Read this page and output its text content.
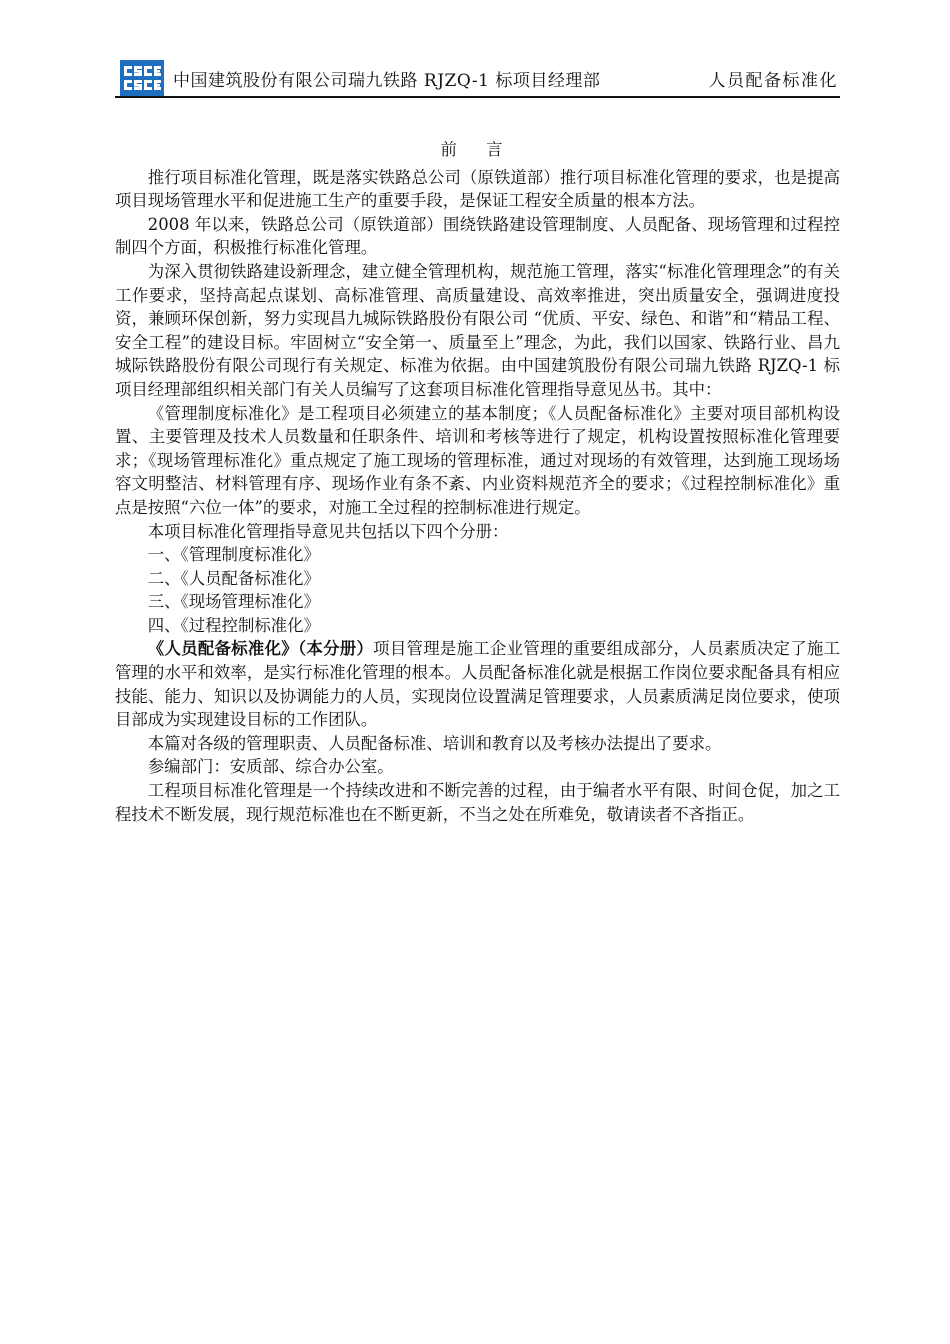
中国建筑股份有限公司瑞九铁路 RJZQ-1 标项目经理部	人员配备标准化
前 言

推行项目标准化管理，既是落实铁路总公司（原铁道部）推行项目标准化管理的要求，也是提高项目现场管理水平和促进施工生产的重要手段，是保证工程安全质量的根本方法。

2008 年以来，铁路总公司（原铁道部）围绕铁路建设管理制度、人员配备、现场管理和过程控制四个方面，积极推行标准化管理。

为深入贯彻铁路建设新理念，建立健全管理机构，规范施工管理，落实“标准化管理理念”的有关工作要求，坚持高起点谋划、高标准管理、高质量建设、高效率推进，突出质量安全，强调进度投资，兼顾环保创新，努力实现昌九城际铁路股份有限公司 “优质、平安、绿色、和谐”和“精品工程、安全工程”的建设目标。牢固树立“安全第一、质量至上”理念，为此，我们以国家、铁路行业、昌九城际铁路股份有限公司现行有关规定、标准为依据。由中国建筑股份有限公司瑞九铁路 RJZQ-1 标项目经理部组织相关部门有关人员编写了这套项目标准化管理指导意见丛书。其中：

《管理制度标准化》是工程项目必须建立的基本制度；《人员配备标准化》主要对项目部机构设置、主要管理及技术人员数量和任职条件、培训和考核等进行了规定，机构设置按照标准化管理要求；《现场管理标准化》重点规定了施工现场的管理标准，通过对现场的有效管理，达到施工现场场容文明整洁、材料管理有序、现场作业有条不紊、内业资料规范齐全的要求；《过程控制标准化》重点是按照“六位一体”的要求，对施工全过程的控制标准进行规定。

本项目标准化管理指导意见共包括以下四个分册：

一、《管理制度标准化》

二、《人员配备标准化》

三、《现场管理标准化》

四、《过程控制标准化》

《人员配备标准化》（本分册）项目管理是施工企业管理的重要组成部分，人员素质决定了施工管理的水平和效率，是实行标准化管理的根本。人员配备标准化就是根据工作岗位要求配备具有相应技能、能力、知识以及协调能力的人员，实现岗位设置满足管理要求，人员素质满足岗位要求，使项目部成为实现建设目标的工作团队。

本篇对各级的管理职责、人员配备标准、培训和教育以及考核办法提出了要求。

参编部门：安质部、综合办公室。

工程项目标准化管理是一个持续改进和不断完善的过程，由于编者水平有限、时间仓促，加之工程技术不断发展，现行规范标准也在不断更新，不当之处在所难免，敬请读者不吝指正。
